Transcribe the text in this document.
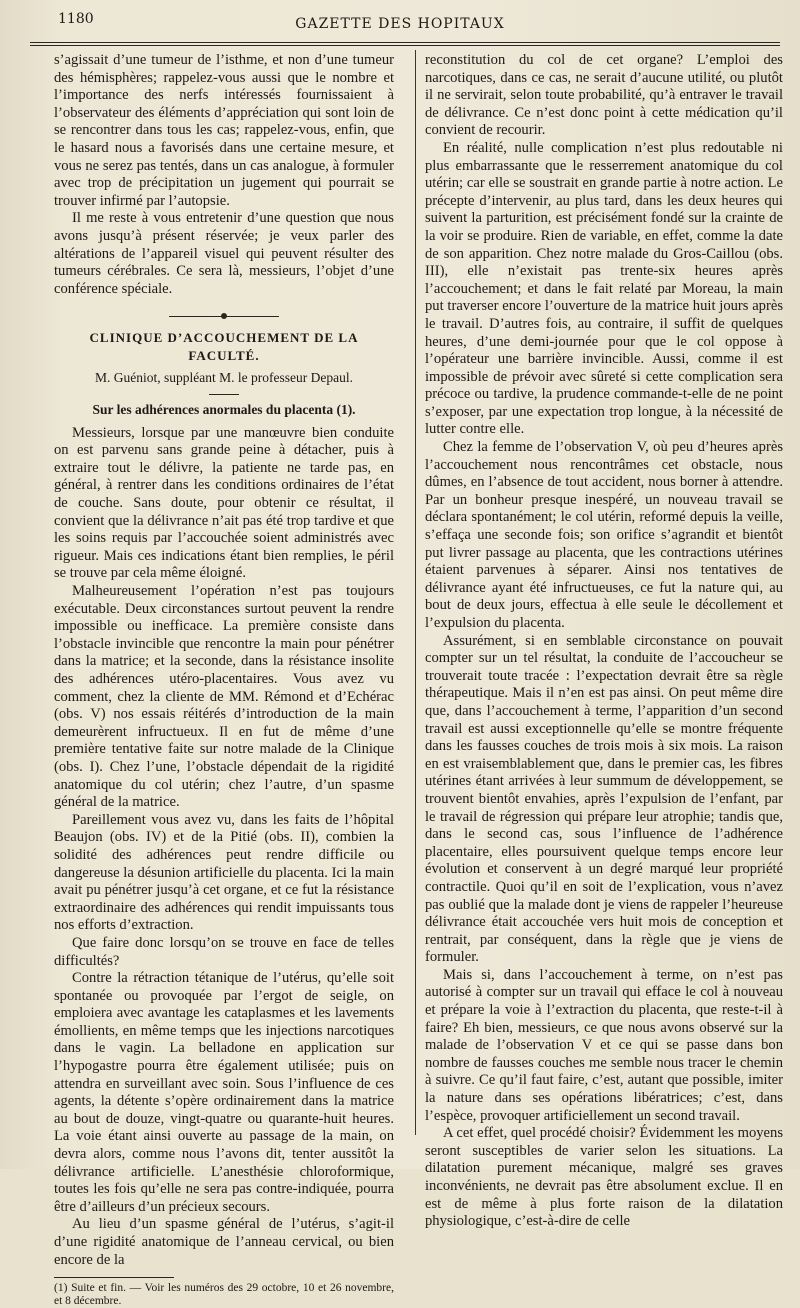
1180	GAZETTE DES HOPITAUX

s’agissait d’une tumeur de l’isthme, et non d’une tumeur des hémisphères; rappelez-vous aussi que le nombre et l’importance des nerfs intéressés fournissaient à l’observateur des éléments d’appréciation qui sont loin de se rencontrer dans tous les cas; rappelez-vous, enfin, que le hasard nous a favorisés dans une certaine mesure, et vous ne serez pas tentés, dans un cas analogue, à formuler avec trop de précipitation un jugement qui pourrait se trouver infirmé par l’autopsie.

Il me reste à vous entretenir d’une question que nous avons jusqu’à présent réservée; je veux parler des altérations de l’appareil visuel qui peuvent résulter des tumeurs cérébrales. Ce sera là, messieurs, l’objet d’une conférence spéciale.

CLINIQUE D’ACCOUCHEMENT DE LA FACULTÉ.
M. Guéniot, suppléant M. le professeur Depaul.
Sur les adhérences anormales du placenta (1).

Messieurs, lorsque par une manœuvre bien conduite on est parvenu sans grande peine à détacher, puis à extraire tout le délivre, la patiente ne tarde pas, en général, à rentrer dans les conditions ordinaires de l’état de couche. Sans doute, pour obtenir ce résultat, il convient que la délivrance n’ait pas été trop tardive et que les soins requis par l’accouchée soient administrés avec rigueur. Mais ces indications étant bien remplies, le péril se trouve par cela même éloigné.

Malheureusement l’opération n’est pas toujours exécutable. Deux circonstances surtout peuvent la rendre impossible ou inefficace. La première consiste dans l’obstacle invincible que rencontre la main pour pénétrer dans la matrice; et la seconde, dans la résistance insolite des adhérences utéro-placentaires. Vous avez vu comment, chez la cliente de MM. Rémond et d’Echérac (obs. V) nos essais réitérés d’introduction de la main demeurèrent infructueux. Il en fut de même d’une première tentative faite sur notre malade de la Clinique (obs. I). Chez l’une, l’obstacle dépendait de la rigidité anatomique du col utérin; chez l’autre, d’un spasme général de la matrice.

Pareillement vous avez vu, dans les faits de l’hôpital Beaujon (obs. IV) et de la Pitié (obs. II), combien la solidité des adhérences peut rendre difficile ou dangereuse la désunion artificielle du placenta. Ici la main avait pu pénétrer jusqu’à cet organe, et ce fut la résistance extraordinaire des adhérences qui rendit impuissants tous nos efforts d’extraction.

Que faire donc lorsqu’on se trouve en face de telles difficultés?

Contre la rétraction tétanique de l’utérus, qu’elle soit spontanée ou provoquée par l’ergot de seigle, on emploiera avec avantage les cataplasmes et les lavements émollients, en même temps que les injections narcotiques dans le vagin. La belladone en application sur l’hypogastre pourra être également utilisée; puis on attendra en surveillant avec soin. Sous l’influence de ces agents, la détente s’opère ordinairement dans la matrice au bout de douze, vingt-quatre ou quarante-huit heures. La voie étant ainsi ouverte au passage de la main, on devra alors, comme nous l’avons dit, tenter aussitôt la délivrance artificielle. L’anesthésie chloroformique, toutes les fois qu’elle ne sera pas contre-indiquée, pourra être d’ailleurs d’un précieux secours.

Au lieu d’un spasme général de l’utérus, s’agit-il d’une rigidité anatomique de l’anneau cervical, ou bien encore de la

(1) Suite et fin. — Voir les numéros des 29 octobre, 10 et 26 novembre, et 8 décembre.

reconstitution du col de cet organe? L’emploi des narcotiques, dans ce cas, ne serait d’aucune utilité, ou plutôt il ne servirait, selon toute probabilité, qu’à entraver le travail de délivrance. Ce n’est donc point à cette médication qu’il convient de recourir.

En réalité, nulle complication n’est plus redoutable ni plus embarrassante que le resserrement anatomique du col utérin; car elle se soustrait en grande partie à notre action. Le précepte d’intervenir, au plus tard, dans les deux heures qui suivent la parturition, est précisément fondé sur la crainte de la voir se produire. Rien de variable, en effet, comme la date de son apparition. Chez notre malade du Gros-Caillou (obs. III), elle n’existait pas trente-six heures après l’accouchement; et dans le fait relaté par Moreau, la main put traverser encore l’ouverture de la matrice huit jours après le travail. D’autres fois, au contraire, il suffit de quelques heures, d’une demi-journée pour que le col oppose à l’opérateur une barrière invincible. Aussi, comme il est impossible de prévoir avec sûreté si cette complication sera précoce ou tardive, la prudence commande-t-elle de ne point s’exposer, par une expectation trop longue, à la nécessité de lutter contre elle.

Chez la femme de l’observation V, où peu d’heures après l’accouchement nous rencontrâmes cet obstacle, nous dûmes, en l’absence de tout accident, nous borner à attendre. Par un bonheur presque inespéré, un nouveau travail se déclara spontanément; le col utérin, reformé depuis la veille, s’effaça une seconde fois; son orifice s’agrandit et bientôt put livrer passage au placenta, que les contractions utérines étaient parvenues à séparer. Ainsi nos tentatives de délivrance ayant été infructueuses, ce fut la nature qui, au bout de deux jours, effectua à elle seule le décollement et l’expulsion du placenta.

Assurément, si en semblable circonstance on pouvait compter sur un tel résultat, la conduite de l’accoucheur se trouverait toute tracée : l’expectation devrait être sa règle thérapeutique. Mais il n’en est pas ainsi. On peut même dire que, dans l’accouchement à terme, l’apparition d’un second travail est aussi exceptionnelle qu’elle se montre fréquente dans les fausses couches de trois mois à six mois. La raison en est vraisemblablement que, dans le premier cas, les fibres utérines étant arrivées à leur summum de développement, se trouvent bientôt envahies, après l’expulsion de l’enfant, par le travail de régression qui prépare leur atrophie; tandis que, dans le second cas, sous l’influence de l’adhérence placentaire, elles poursuivent quelque temps encore leur évolution et conservent à un degré marqué leur propriété contractile. Quoi qu’il en soit de l’explication, vous n’avez pas oublié que la malade dont je viens de rappeler l’heureuse délivrance était accouchée vers huit mois de conception et rentrait, par conséquent, dans la règle que je viens de formuler.

Mais si, dans l’accouchement à terme, on n’est pas autorisé à compter sur un travail qui efface le col à nouveau et prépare la voie à l’extraction du placenta, que reste-t-il à faire? Eh bien, messieurs, ce que nous avons observé sur la malade de l’observation V et ce qui se passe dans bon nombre de fausses couches me semble nous tracer le chemin à suivre. Ce qu’il faut faire, c’est, autant que possible, imiter la nature dans ses opérations libératrices; c’est, dans l’espèce, provoquer artificiellement un second travail.

A cet effet, quel procédé choisir? Évidemment les moyens seront susceptibles de varier selon les situations. La dilatation purement mécanique, malgré ses graves inconvénients, ne devrait pas être absolument exclue. Il en est de même à plus forte raison de la dilatation physiologique, c’est-à-dire de celle
